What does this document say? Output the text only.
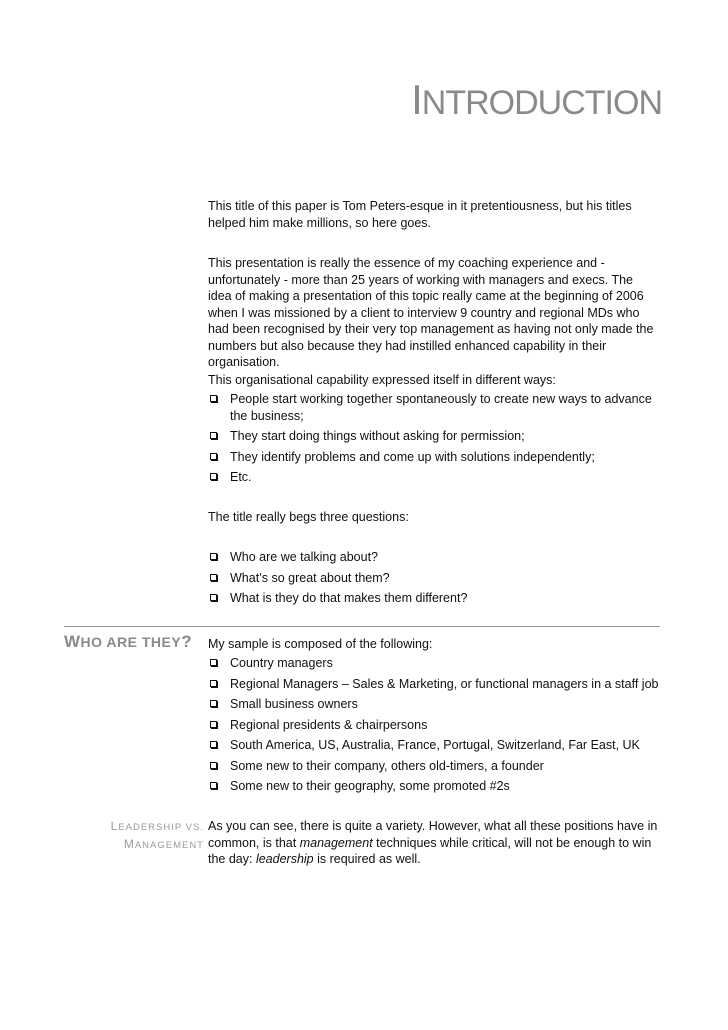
INTRODUCTION

This title of this paper is Tom Peters-esque in it pretentiousness, but his titles helped him make millions, so here goes.

This presentation is really the essence of my coaching experience and - unfortunately - more than 25 years of working with managers and execs. The idea of making a presentation of this topic really came at the beginning of 2006 when I was missioned by a client to interview 9 country and regional MDs who had been recognised by their very top management as having not only made the numbers but also because they had instilled enhanced capability in their organisation.

This organisational capability expressed itself in different ways:

People start working together spontaneously to create new ways to advance the business;
They start doing things without asking for permission;
They identify problems and come up with solutions independently;
Etc.

The title really begs three questions:

Who are we talking about?
What’s so great about them?
What is they do that makes them different?
WHO ARE THEY?	My sample is composed of the following:

Country managers
Regional Managers – Sales & Marketing, or functional managers in a staff job
Small business owners
Regional presidents & chairpersons
South America, US, Australia, France, Portugal, Switzerland, Far East, UK
Some new to their company, others old-timers, a founder
Some new to their geography, some promoted #2s
LEADERSHIP VS.
MANAGEMENT

As you can see, there is quite a variety. However, what all these positions have in common, is that management techniques while critical, will not be enough to win the day: leadership is required as well.
